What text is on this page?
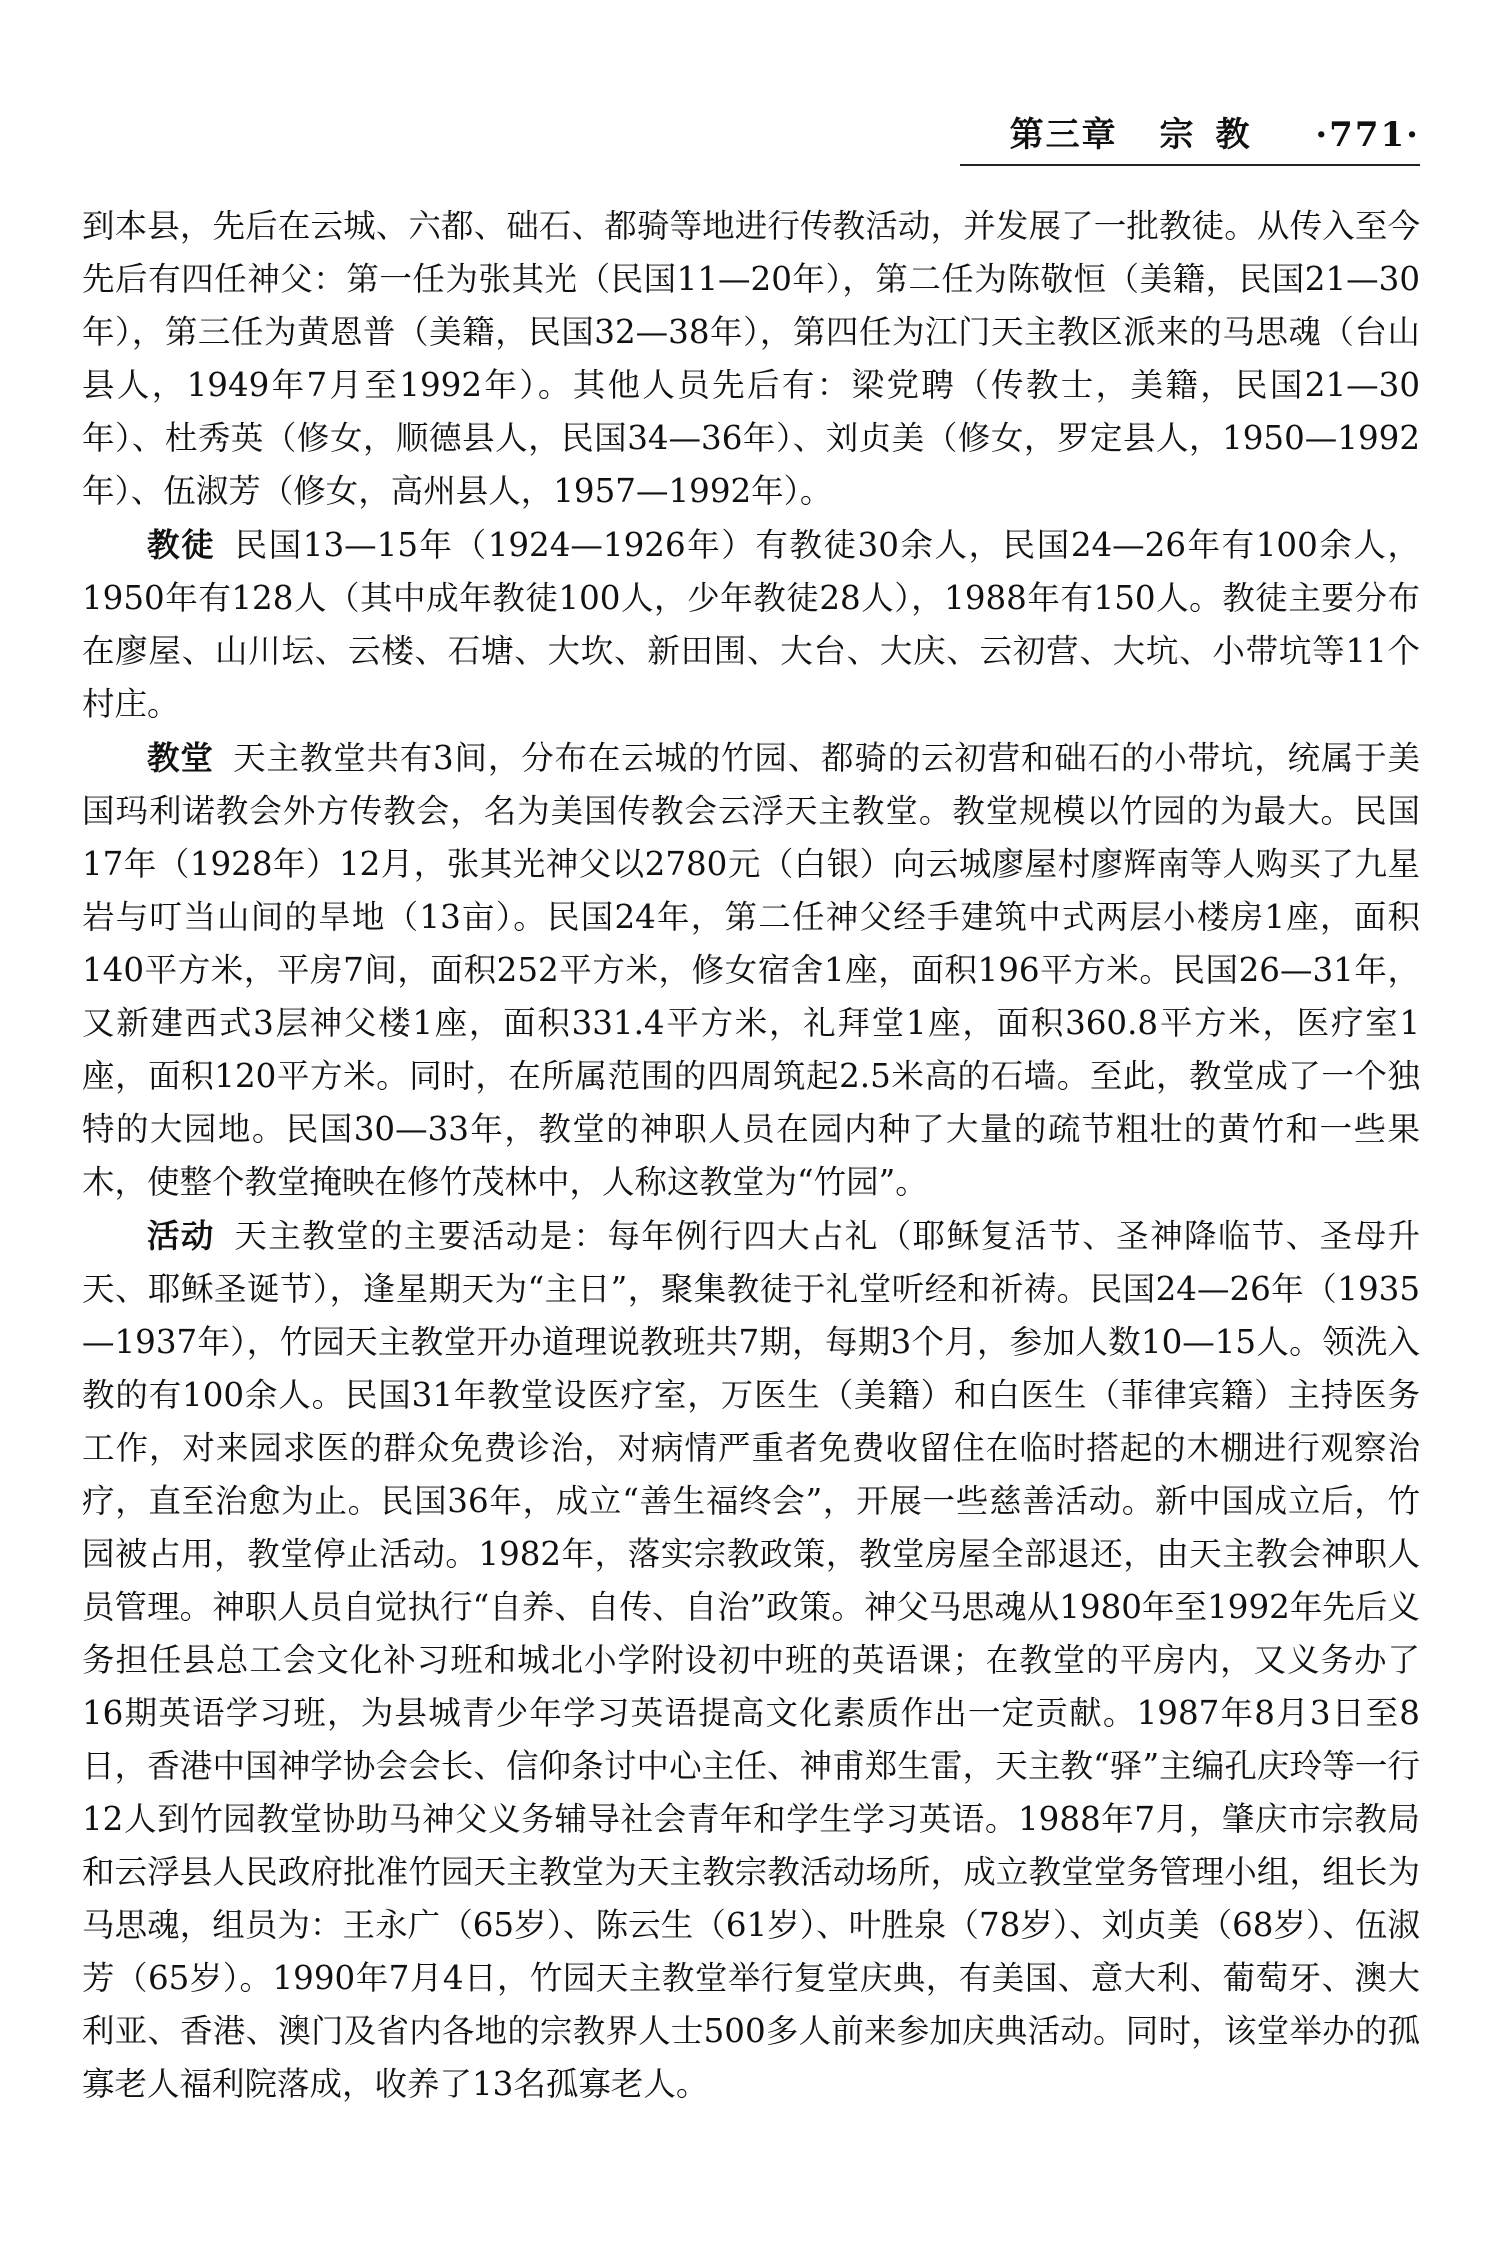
第三章 宗教 ·771·

到本县，先后在云城、六都、础石、都骑等地进行传教活动，并发展了一批教徒。从传入至今先后有四任神父：第一任为张其光（民国11—20年），第二任为陈敬恒（美籍，民国21—30年），第三任为黄恩普（美籍，民国32—38年），第四任为江门天主教区派来的马思魂（台山县人，1949年7月至1992年）。其他人员先后有：梁党聘（传教士，美籍，民国21—30年）、杜秀英（修女，顺德县人，民国34—36年）、刘贞美（修女，罗定县人，1950—1992年）、伍淑芳（修女，高州县人，1957—1992年）。

教徒 民国13—15年（1924—1926年）有教徒30余人，民国24—26年有100余人，1950年有128人（其中成年教徒100人，少年教徒28人），1988年有150人。教徒主要分布在廖屋、山川坛、云楼、石塘、大坎、新田围、大台、大庆、云初营、大坑、小带坑等11个村庄。

教堂 天主教堂共有3间，分布在云城的竹园、都骑的云初营和础石的小带坑，统属于美国玛利诺教会外方传教会，名为美国传教会云浮天主教堂。教堂规模以竹园的为最大。民国17年（1928年）12月，张其光神父以2780元（白银）向云城廖屋村廖辉南等人购买了九星岩与叮当山间的旱地（13亩）。民国24年，第二任神父经手建筑中式两层小楼房1座，面积140平方米，平房7间，面积252平方米，修女宿舍1座，面积196平方米。民国26—31年，又新建西式3层神父楼1座，面积331.4平方米，礼拜堂1座，面积360.8平方米，医疗室1座，面积120平方米。同时，在所属范围的四周筑起2.5米高的石墙。至此，教堂成了一个独特的大园地。民国30—33年，教堂的神职人员在园内种了大量的疏节粗壮的黄竹和一些果木，使整个教堂掩映在修竹茂林中，人称这教堂为“竹园”。

活动 天主教堂的主要活动是：每年例行四大占礼（耶稣复活节、圣神降临节、圣母升天、耶稣圣诞节），逢星期天为“主日”，聚集教徒于礼堂听经和祈祷。民国24—26年（1935—1937年），竹园天主教堂开办道理说教班共7期，每期3个月，参加人数10—15人。领洗入教的有100余人。民国31年教堂设医疗室，万医生（美籍）和白医生（菲律宾籍）主持医务工作，对来园求医的群众免费诊治，对病情严重者免费收留住在临时搭起的木棚进行观察治疗，直至治愈为止。民国36年，成立“善生福终会”，开展一些慈善活动。新中国成立后，竹园被占用，教堂停止活动。1982年，落实宗教政策，教堂房屋全部退还，由天主教会神职人员管理。神职人员自觉执行“自养、自传、自治”政策。神父马思魂从1980年至1992年先后义务担任县总工会文化补习班和城北小学附设初中班的英语课；在教堂的平房内，又义务办了16期英语学习班，为县城青少年学习英语提高文化素质作出一定贡献。1987年8月3日至8日，香港中国神学协会会长、信仰条讨中心主任、神甫郑生雷，天主教“驿”主编孔庆玲等一行12人到竹园教堂协助马神父义务辅导社会青年和学生学习英语。1988年7月，肇庆市宗教局和云浮县人民政府批准竹园天主教堂为天主教宗教活动场所，成立教堂堂务管理小组，组长为马思魂，组员为：王永广（65岁）、陈云生（61岁）、叶胜泉（78岁）、刘贞美（68岁）、伍淑芳（65岁）。1990年7月4日，竹园天主教堂举行复堂庆典，有美国、意大利、葡萄牙、澳大利亚、香港、澳门及省内各地的宗教界人士500多人前来参加庆典活动。同时，该堂举办的孤寡老人福利院落成，收养了13名孤寡老人。
